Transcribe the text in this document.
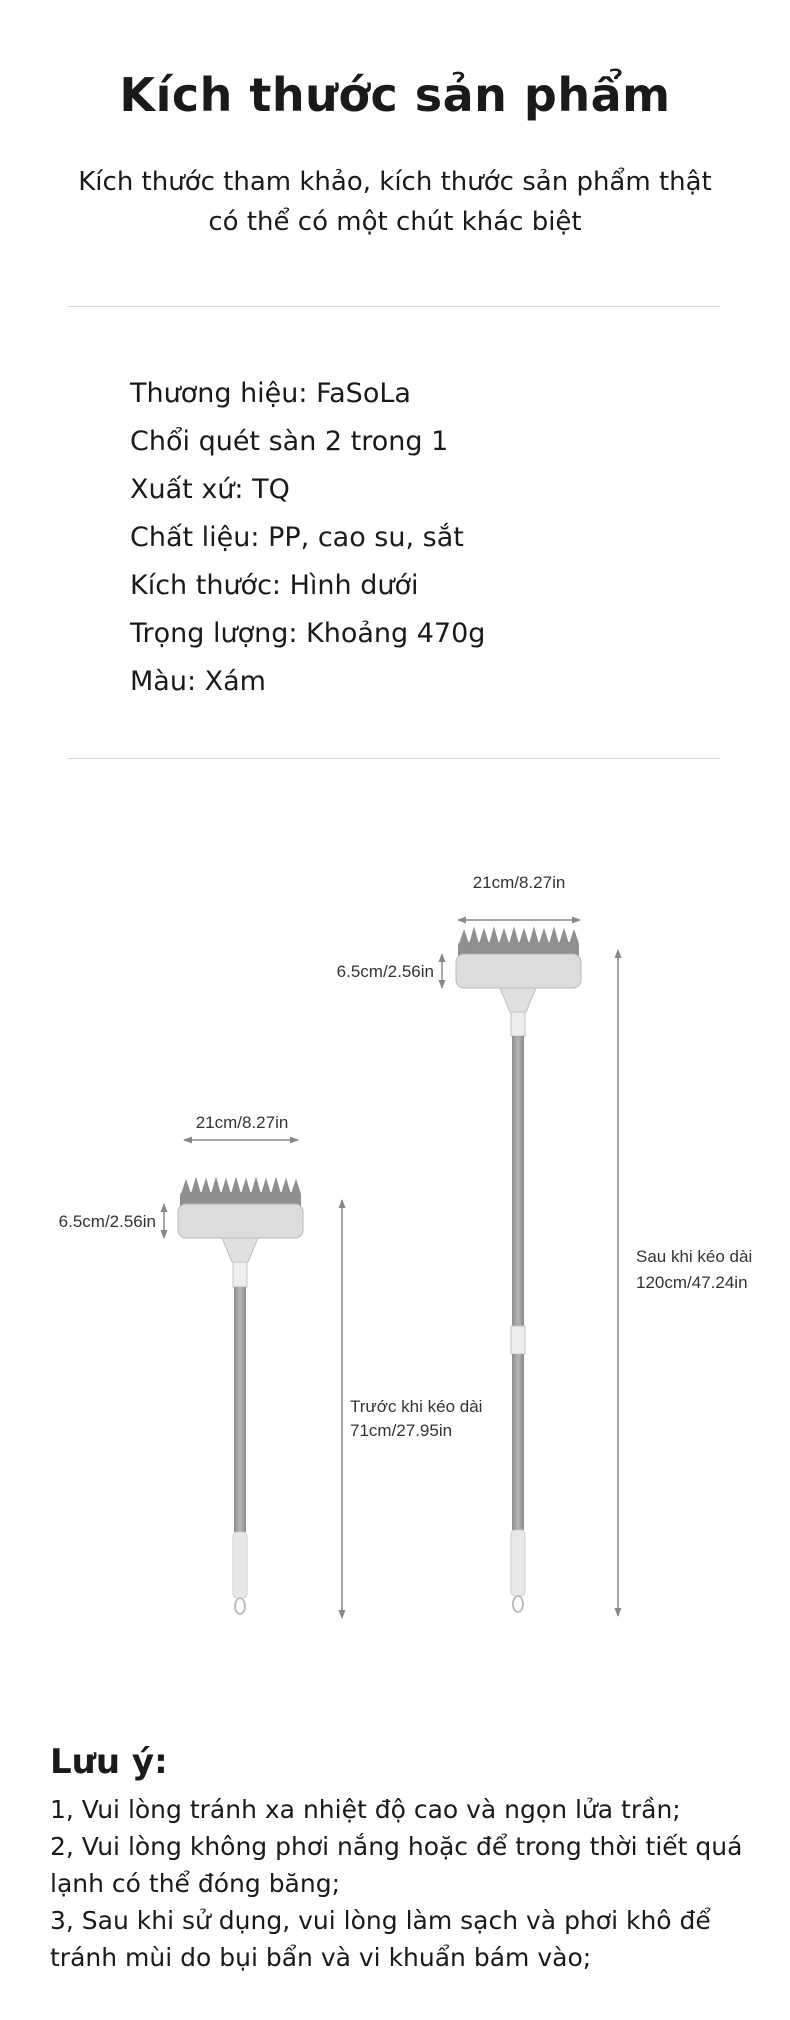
Kích thước sản phẩm
Kích thước tham khảo, kích thước sản phẩm thật
có thể có một chút khác biệt
Thương hiệu: FaSoLa
Chổi quét sàn 2 trong 1
Xuất xứ: TQ
Chất liệu: PP, cao su, sắt
Kích thước: Hình dưới
Trọng lượng: Khoảng 470g
Màu: Xám
21cm/8.27in
6.5cm/2.56in
Trước khi kéo dài
71cm/27.95in
21cm/8.27in
6.5cm/2.56in
Sau khi kéo dài
120cm/47.24in
Lưu ý:
1, Vui lòng tránh xa nhiệt độ cao và ngọn lửa trần;
2, Vui lòng không phơi nắng hoặc để trong thời tiết quá lạnh có thể đóng băng;
3, Sau khi sử dụng, vui lòng làm sạch và phơi khô để tránh mùi do bụi bẩn và vi khuẩn bám vào;
